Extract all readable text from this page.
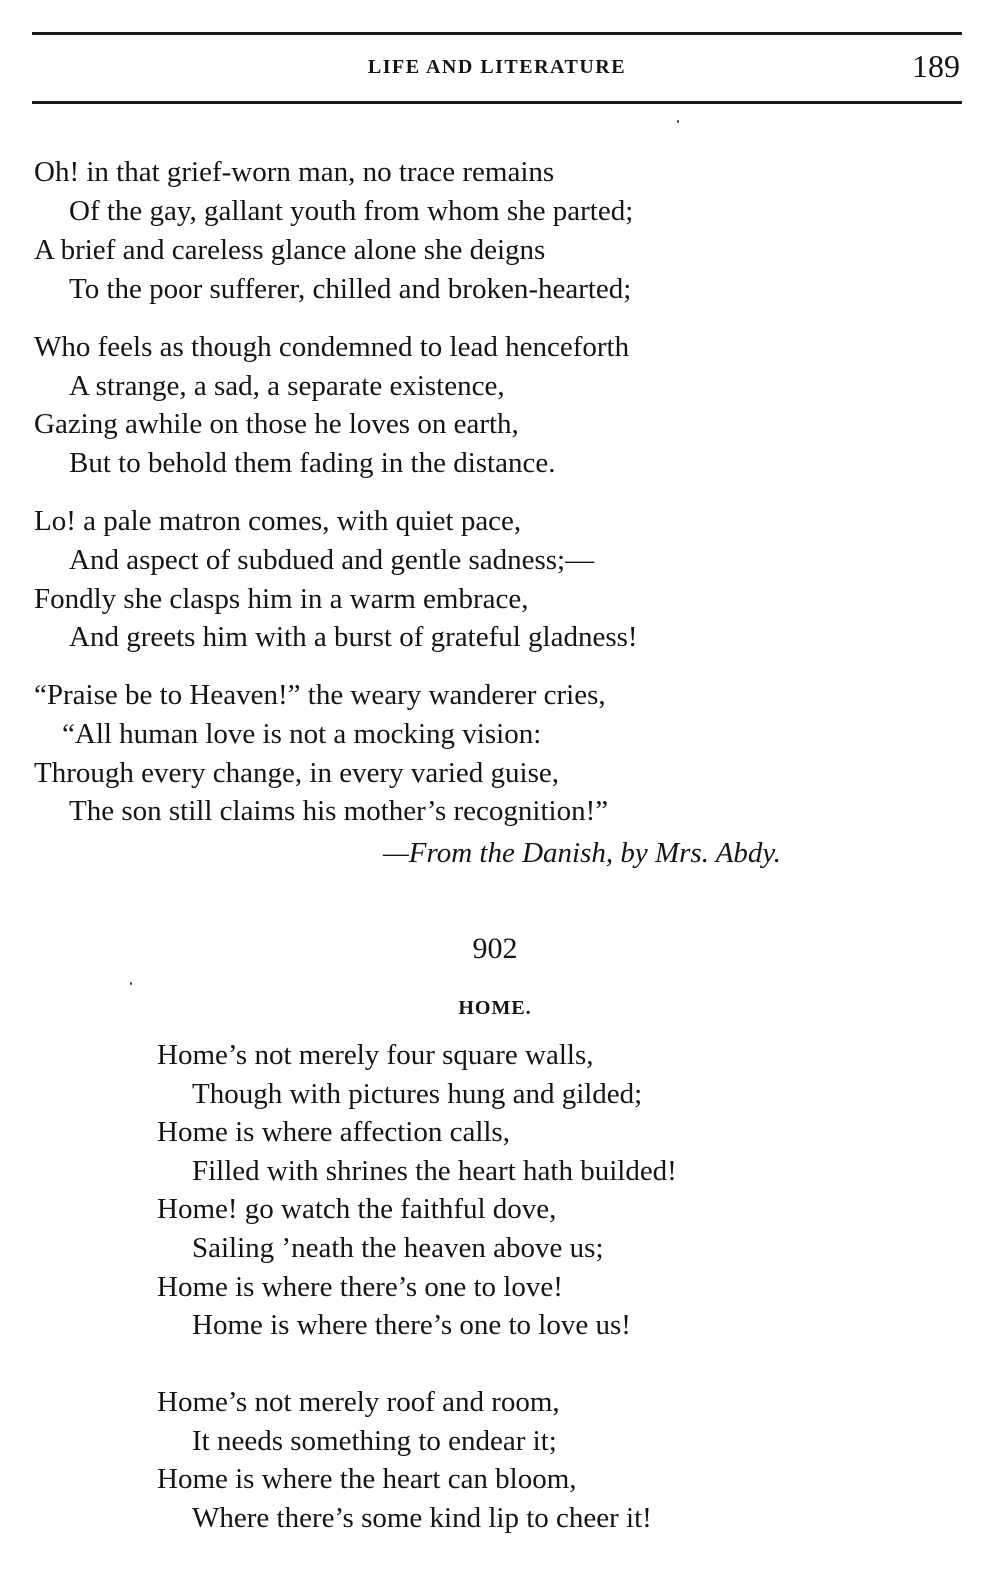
LIFE AND LITERATURE	189
Oh! in that grief-worn man, no trace remains
Of the gay, gallant youth from whom she parted;
A brief and careless glance alone she deigns
To the poor sufferer, chilled and broken-hearted;
Who feels as though condemned to lead henceforth
A strange, a sad, a separate existence,
Gazing awhile on those he loves on earth,
But to behold them fading in the distance.
Lo! a pale matron comes, with quiet pace,
And aspect of subdued and gentle sadness;—
Fondly she clasps him in a warm embrace,
And greets him with a burst of grateful gladness!
“Praise be to Heaven!” the weary wanderer cries,
“All human love is not a mocking vision:
Through every change, in every varied guise,
The son still claims his mother’s recognition!”
—From the Danish, by Mrs. Abdy.
902
HOME.
Home’s not merely four square walls,
Though with pictures hung and gilded;
Home is where affection calls,
Filled with shrines the heart hath builded!
Home! go watch the faithful dove,
Sailing ’neath the heaven above us;
Home is where there’s one to love!
Home is where there’s one to love us!
Home’s not merely roof and room,
It needs something to endear it;
Home is where the heart can bloom,
Where there’s some kind lip to cheer it!
